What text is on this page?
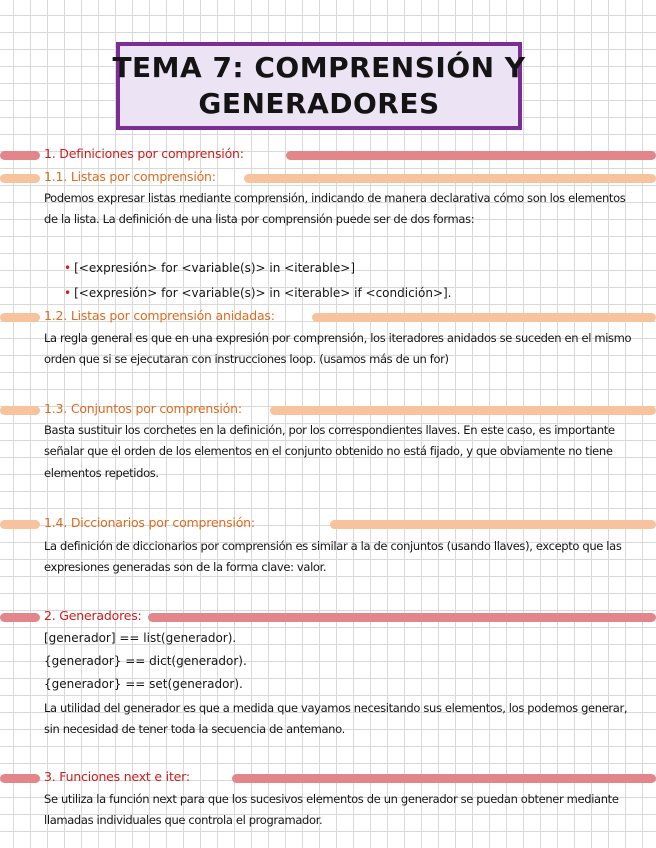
TEMA 7: COMPRENSIÓN Y
GENERADORES
1. Definiciones por comprensión:
1.1. Listas por comprensión:
Podemos expresar listas mediante comprensión, indicando de manera declarativa cómo son los elementos de la lista. La definición de una lista por comprensión puede ser de dos formas:
• [<expresión> for <variable(s)> in <iterable>]
• [<expresión> for <variable(s)> in <iterable> if <condición>].
1.2. Listas por comprensión anidadas:
La regla general es que en una expresión por comprensión, los iteradores anidados se suceden en el mismo orden que si se ejecutaran con instrucciones loop. (usamos más de un for)
1.3. Conjuntos por comprensión:
Basta sustituir los corchetes en la definición, por los correspondientes llaves. En este caso, es importante señalar que el orden de los elementos en el conjunto obtenido no está fijado, y que obviamente no tiene elementos repetidos.
1.4. Diccionarios por comprensión:
La definición de diccionarios por comprensión es similar a la de conjuntos (usando llaves), excepto que las expresiones generadas son de la forma clave: valor.
2. Generadores:
[generador] == list(generador).
{generador} == dict(generador).
{generador} == set(generador).
La utilidad del generador es que a medida que vayamos necesitando sus elementos, los podemos generar, sin necesidad de tener toda la secuencia de antemano.
3. Funciones next e iter:
Se utiliza la función next para que los sucesivos elementos de un generador se puedan obtener mediante llamadas individuales que controla el programador.
